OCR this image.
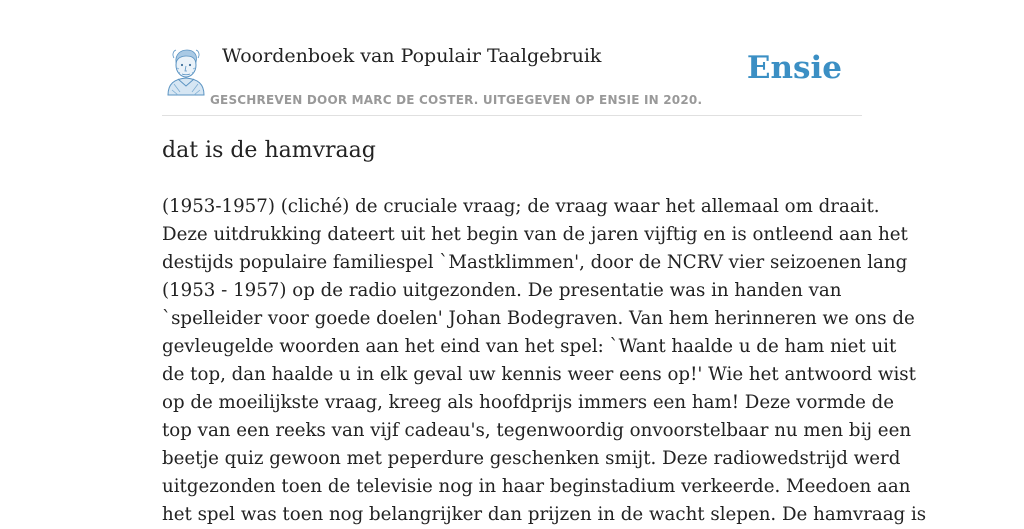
Woordenboek van Populair Taalgebruik
GESCHREVEN DOOR MARC DE COSTER. UITGEGEVEN OP ENSIE IN 2020.
Ensie
dat is de hamvraag
(1953-1957) (cliché) de cruciale vraag; de vraag waar het allemaal om draait.
Deze uitdrukking dateert uit het begin van de jaren vijftig en is ontleend aan het
destijds populaire familiespel `Mastklimmen', door de NCRV vier seizoenen lang
(1953 - 1957) op de radio uitgezonden. De presentatie was in handen van
`spelleider voor goede doelen' Johan Bodegraven. Van hem herinneren we ons de
gevleugelde woorden aan het eind van het spel: `Want haalde u de ham niet uit
de top, dan haalde u in elk geval uw kennis weer eens op!' Wie het antwoord wist
op de moeilijkste vraag, kreeg als hoofdprijs immers een ham! Deze vormde de
top van een reeks van vijf cadeau's, tegenwoordig onvoorstelbaar nu men bij een
beetje quiz gewoon met peperdure geschenken smijt. Deze radiowedstrijd werd
uitgezonden toen de televisie nog in haar beginstadium verkeerde. Meedoen aan
het spel was toen nog belangrijker dan prijzen in de wacht slepen. De hamvraag is
